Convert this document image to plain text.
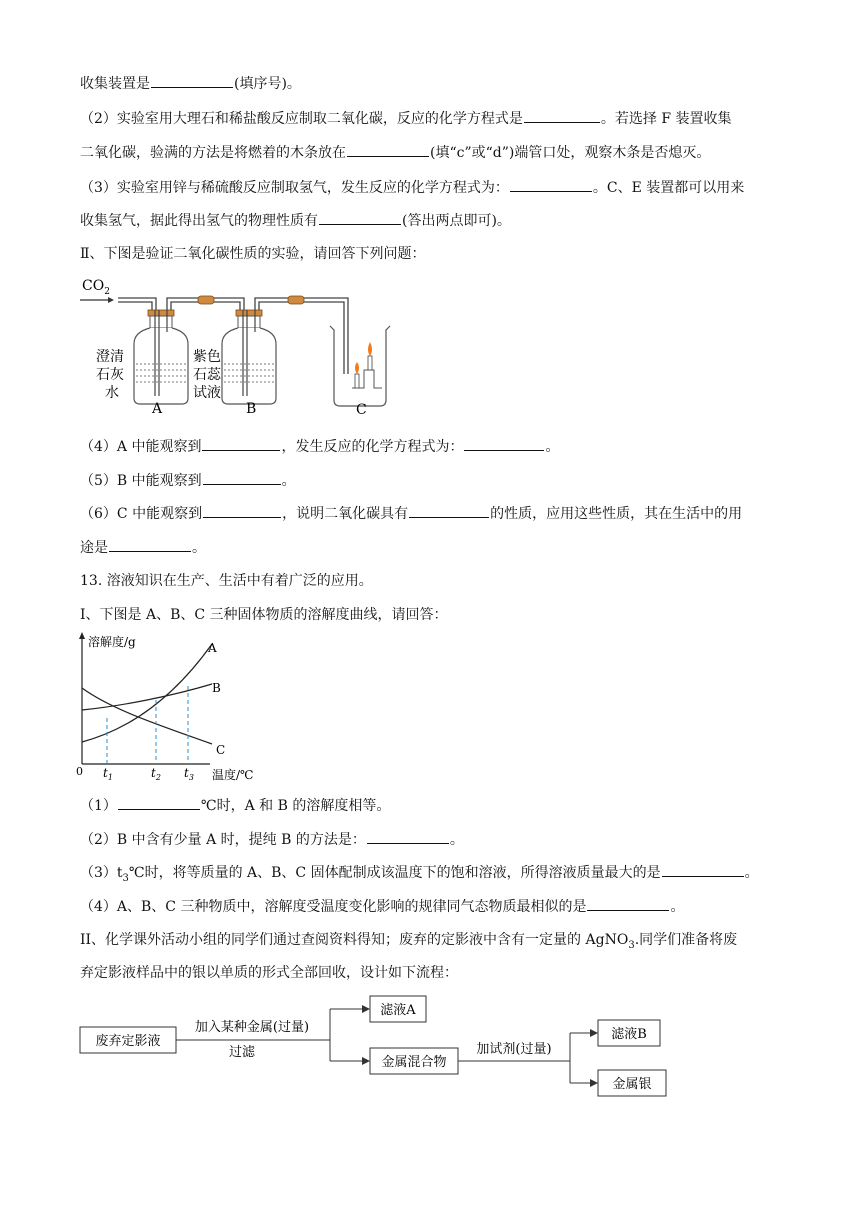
收集装置是	(填序号)。
（2）实验室用大理石和稀盐酸反应制取二氧化碳，反应的化学方程式是	。若选择 F 装置收集
二氧化碳，验满的方法是将燃着的木条放在	(填“c”或“d”)端管口处，观察木条是否熄灭。
（3）实验室用锌与稀硫酸反应制取氢气，发生反应的化学方程式为：	。C、E 装置都可以用来
收集氢气，据此得出氢气的物理性质有	(答出两点即可)。
Ⅱ、下图是验证二氧化碳性质的实验，请回答下列问题：
$CO_2$
澄清
石灰
水
紫色
石蕊
试液
A	B	C
（4）A 中能观察到	，发生反应的化学方程式为：	。
（5）B 中能观察到	。
（6）C 中能观察到	，说明二氧化碳具有	的性质，应用这些性质，其在生活中的用
途是	。
13. 溶液知识在生产、生活中有着广泛的应用。
I、下图是 A、B、C 三种固体物质的溶解度曲线，请回答：
溶解度/g
0	温度/℃
A
B
C
$t_1$	$t_2$ $t_3$
（1）	℃时，A 和 B 的溶解度相等。
（2）B 中含有少量 A 时，提纯 B 的方法是：	。
$(3)t_3℃$时，将等质量的 A、B、C 固体配制成该温度下的饱和溶液，所得溶液质量最大的是	。
（4）A、B、C 三种物质中，溶解度受温度变化影响的规律同气态物质最相似的是	。
II、化学课外活动小组的同学们通过查阅资料得知；废弃的定影液中含有一定量的 AgNO$_3$.同学们准备将废
弃定影液样品中的银以单质的形式全部回收，设计如下流程：
废弃定影液
加入某种金属(过量)
过滤
滤液A
金属混合物
加试剂(过量)
滤液B
金属银
